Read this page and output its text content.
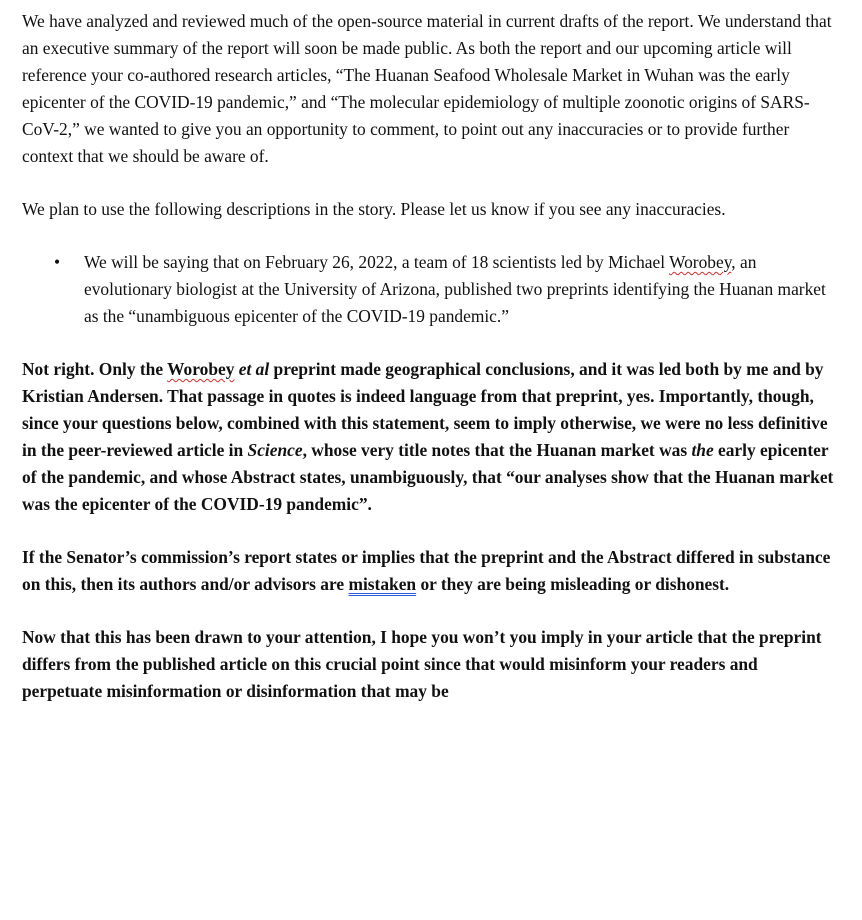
We have analyzed and reviewed much of the open-source material in current drafts of the report. We understand that an executive summary of the report will soon be made public. As both the report and our upcoming article will reference your co-authored research articles, “The Huanan Seafood Wholesale Market in Wuhan was the early epicenter of the COVID-19 pandemic,” and “The molecular epidemiology of multiple zoonotic origins of SARS-CoV-2,” we wanted to give you an opportunity to comment, to point out any inaccuracies or to provide further context that we should be aware of.

We plan to use the following descriptions in the story. Please let us know if you see any inaccuracies.

• We will be saying that on February 26, 2022, a team of 18 scientists led by Michael Worobey, an evolutionary biologist at the University of Arizona, published two preprints identifying the Huanan market as the “unambiguous epicenter of the COVID-19 pandemic.”

Not right. Only the Worobey et al preprint made geographical conclusions, and it was led both by me and by Kristian Andersen. That passage in quotes is indeed language from that preprint, yes. Importantly, though, since your questions below, combined with this statement, seem to imply otherwise, we were no less definitive in the peer-reviewed article in Science, whose very title notes that the Huanan market was the early epicenter of the pandemic, and whose Abstract states, unambiguously, that “our analyses show that the Huanan market was the epicenter of the COVID-19 pandemic”.

If the Senator’s commission’s report states or implies that the preprint and the Abstract differed in substance on this, then its authors and/or advisors are mistaken or they are being misleading or dishonest.

Now that this has been drawn to your attention, I hope you won’t you imply in your article that the preprint differs from the published article on this crucial point since that would misinform your readers and perpetuate misinformation or disinformation that may be
